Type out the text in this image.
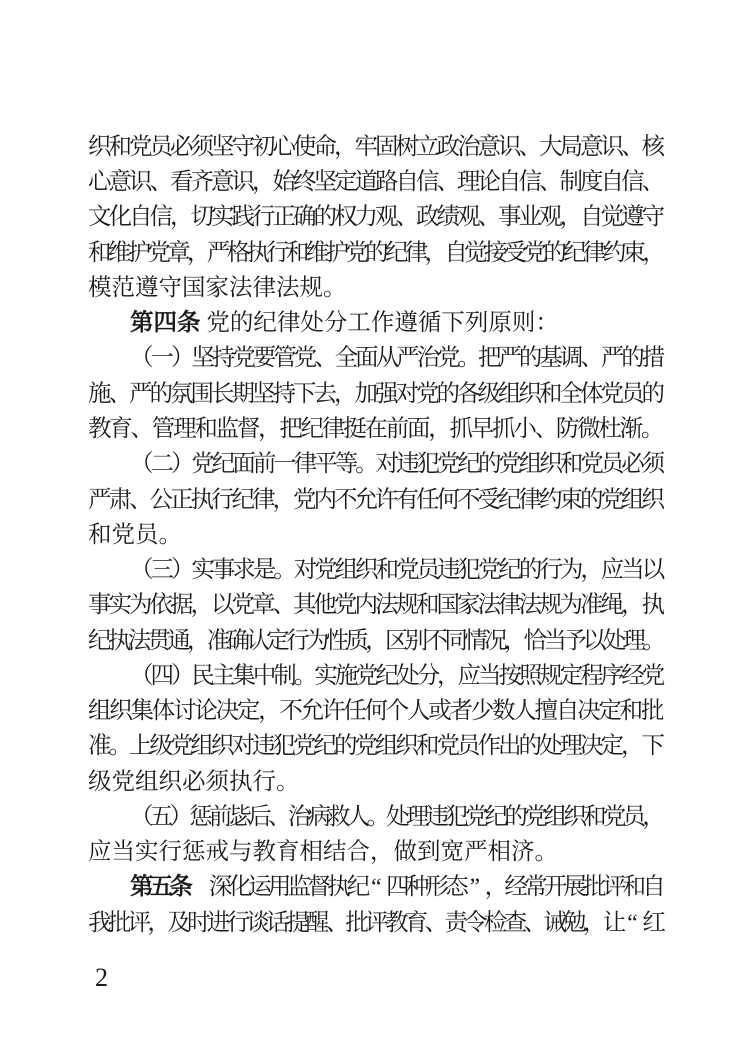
织
和
党
员
必
须
坚
守
初
心
使
命
，
牢
固
树
立
政
治
意
识
、
大
局
意
识
、
核
心
意
识
、
看
齐
意
识
，
始
终
坚
定
道
路
自
信
、
理
论
自
信
、
制
度
自
信
、
文
化
自
信
，
切
实
践
行
正
确
的
权
力
观
、
政
绩
观
、
事
业
观
，
自
觉
遵
守
和
维
护
党
章
，
严
格
执
行
和
维
护
党
的
纪
律
，
自
觉
接
受
党
的
纪
律
约
束
，
模范遵守国家法律法规。
第四条 党的纪律处分工作遵循下列原则：
（
一
）
坚
持
党
要
管
党
、
全
面
从
严
治
党
。
把
严
的
基
调
、
严
的
措
施
、
严
的
氛
围
长
期
坚
持
下
去
，
加
强
对
党
的
各
级
组
织
和
全
体
党
员
的
教
育
、
管
理
和
监
督
，
把
纪
律
挺
在
前
面
，
抓
早
抓
小
、
防
微
杜
渐
。
（
二
）
党
纪
面
前
一
律
平
等
。
对
违
犯
党
纪
的
党
组
织
和
党
员
必
须
严
肃
、
公
正
执
行
纪
律
，
党
内
不
允
许
有
任
何
不
受
纪
律
约
束
的
党
组
织
和党员。
（
三
）
实
事
求
是
。
对
党
组
织
和
党
员
违
犯
党
纪
的
行
为
，
应
当
以
事
实
为
依
据
，
以
党
章
、
其
他
党
内
法
规
和
国
家
法
律
法
规
为
准
绳
，
执
纪
执
法
贯
通
，
准
确
认
定
行
为
性
质
，
区
别
不
同
情
况
，
恰
当
予
以
处
理
。
（
四
）
民
主
集
中
制
。
实
施
党
纪
处
分
，
应
当
按
照
规
定
程
序
经
党
组
织
集
体
讨
论
决
定
，
不
允
许
任
何
个
人
或
者
少
数
人
擅
自
决
定
和
批
准
。
上
级
党
组
织
对
违
犯
党
纪
的
党
组
织
和
党
员
作
出
的
处
理
决
定
，
下
级党组织必须执行。
（
五
）
惩
前
毖
后
、
治
病
救
人
。
处
理
违
犯
党
纪
的
党
组
织
和
党
员
，
应当实行惩戒与教育相结合，做到宽严相济。
第
五
条
深
化
运
用
监
督
执
纪 “ 四
种
形
态 ” ，
经
常
开
展
批
评
和
自
我
批
评
，
及
时
进
行
谈
话
提
醒
、
批
评
教
育
、
责
令
检
查
、
诫
勉
，
让 “ 红
2
